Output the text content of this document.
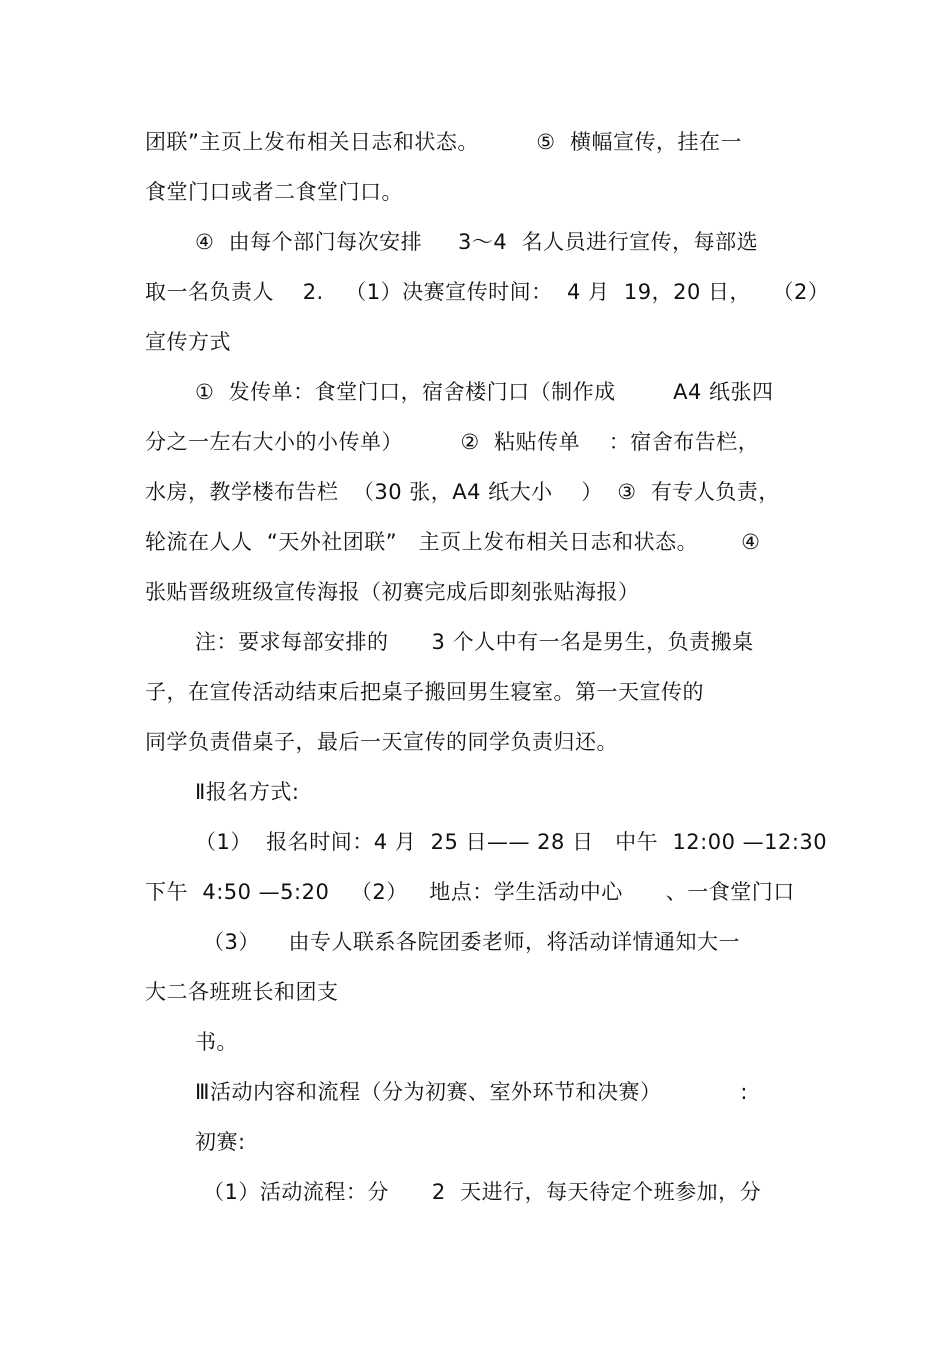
团联”主页上发布相关日志和状态。        ⑤  横幅宣传，挂在一
食堂门口或者二食堂门口。
④  由每个部门每次安排     3～4  名人员进行宣传，每部选
取一名负责人    2.   （1）决赛宣传时间：  4 月  19，20 日，   （2）
宣传方式
①  发传单：食堂门口，宿舍楼门口（制作成        A4 纸张四
分之一左右大小的小传单）        ②  粘贴传单    ：宿舍布告栏，
水房，教学楼布告栏  （30 张，A4 纸大小    ）  ③  有专人负责，
轮流在人人  “天外社团联”   主页上发布相关日志和状态。      ④
张贴晋级班级宣传海报（初赛完成后即刻张贴海报）
注：要求每部安排的      3 个人中有一名是男生，负责搬桌
子，在宣传活动结束后把桌子搬回男生寝室。第一天宣传的
同学负责借桌子，最后一天宣传的同学负责归还。
Ⅱ报名方式:
（1）  报名时间：4 月  25 日—— 28 日   中午  12:00 —12:30
下午  4:50 —5:20   （2）   地点：学生活动中心      、一食堂门口
（3）    由专人联系各院团委老师，将活动详情通知大一
大二各班班长和团支
书。
Ⅲ活动内容和流程（分为初赛、室外环节和决赛）           :
初赛:
（1）活动流程：分      2  天进行，每天待定个班参加，分
